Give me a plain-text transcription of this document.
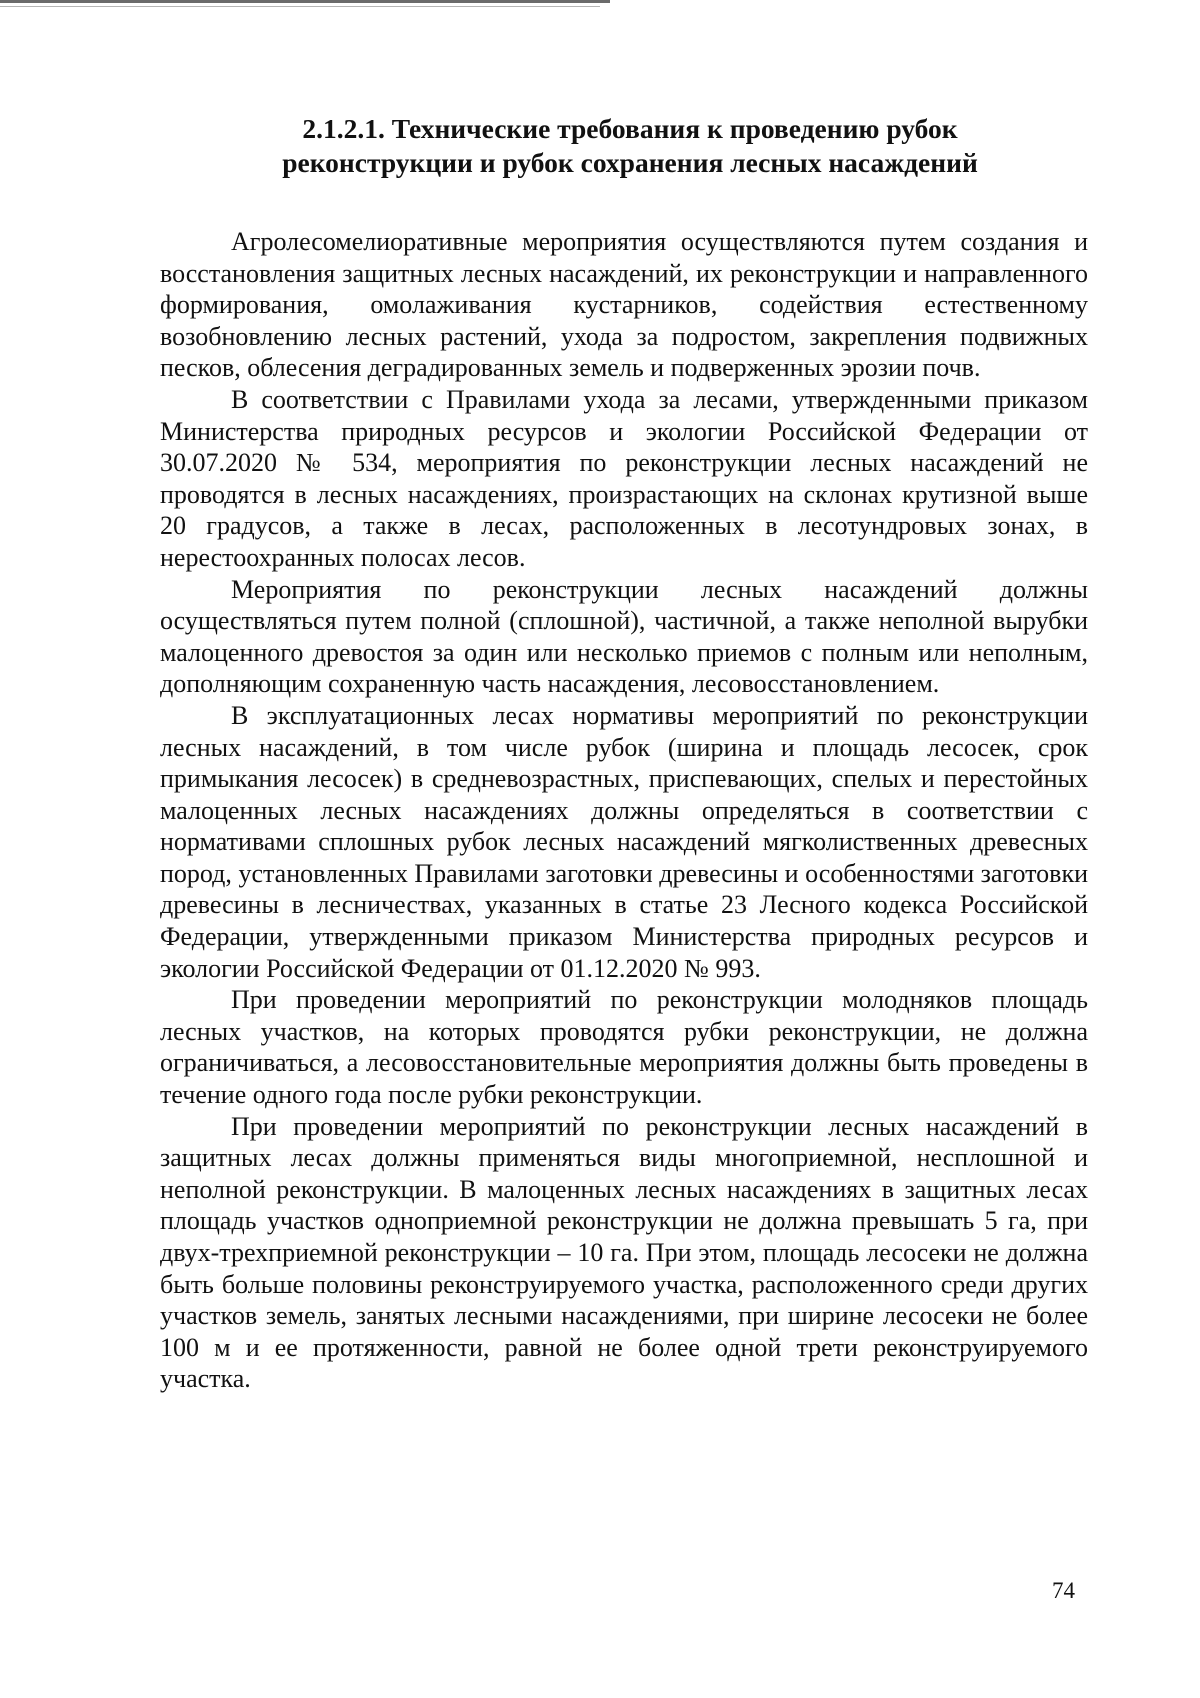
2.1.2.1. Технические требования к проведению рубок
реконструкции и рубок сохранения лесных насаждений

Агролесомелиоративные мероприятия осуществляются путем создания и восстановления защитных лесных насаждений, их реконструкции и направленного формирования, омолаживания кустарников, содействия естественному возобновлению лесных растений, ухода за подростом, закрепления подвижных песков, облесения деградированных земель и подверженных эрозии почв.

В соответствии с Правилами ухода за лесами, утвержденными приказом Министерства природных ресурсов и экологии Российской Федерации от 30.07.2020 № 534, мероприятия по реконструкции лесных насаждений не проводятся в лесных насаждениях, произрастающих на склонах крутизной выше 20 градусов, а также в лесах, расположенных в лесотундровых зонах, в нерестоохранных полосах лесов.

Мероприятия по реконструкции лесных насаждений должны осуществляться путем полной (сплошной), частичной, а также неполной вырубки малоценного древостоя за один или несколько приемов с полным или неполным, дополняющим сохраненную часть насаждения, лесовосстановлением.

В эксплуатационных лесах нормативы мероприятий по реконструкции лесных насаждений, в том числе рубок (ширина и площадь лесосек, срок примыкания лесосек) в средневозрастных, приспевающих, спелых и перестойных малоценных лесных насаждениях должны определяться в соответствии с нормативами сплошных рубок лесных насаждений мягколиственных древесных пород, установленных Правилами заготовки древесины и особенностями заготовки древесины в лесничествах, указанных в статье 23 Лесного кодекса Российской Федерации, утвержденными приказом Министерства природных ресурсов и экологии Российской Федерации от 01.12.2020 № 993.

При проведении мероприятий по реконструкции молодняков площадь лесных участков, на которых проводятся рубки реконструкции, не должна ограничиваться, а лесовосстановительные мероприятия должны быть проведены в течение одного года после рубки реконструкции.

При проведении мероприятий по реконструкции лесных насаждений в защитных лесах должны применяться виды многоприемной, несплошной и неполной реконструкции. В малоценных лесных насаждениях в защитных лесах площадь участков одноприемной реконструкции не должна превышать 5 га, при двух-трехприемной реконструкции – 10 га. При этом, площадь лесосеки не должна быть больше половины реконструируемого участка, расположенного среди других участков земель, занятых лесными насаждениями, при ширине лесосеки не более 100 м и ее протяженности, равной не более одной трети реконструируемого участка.

74
